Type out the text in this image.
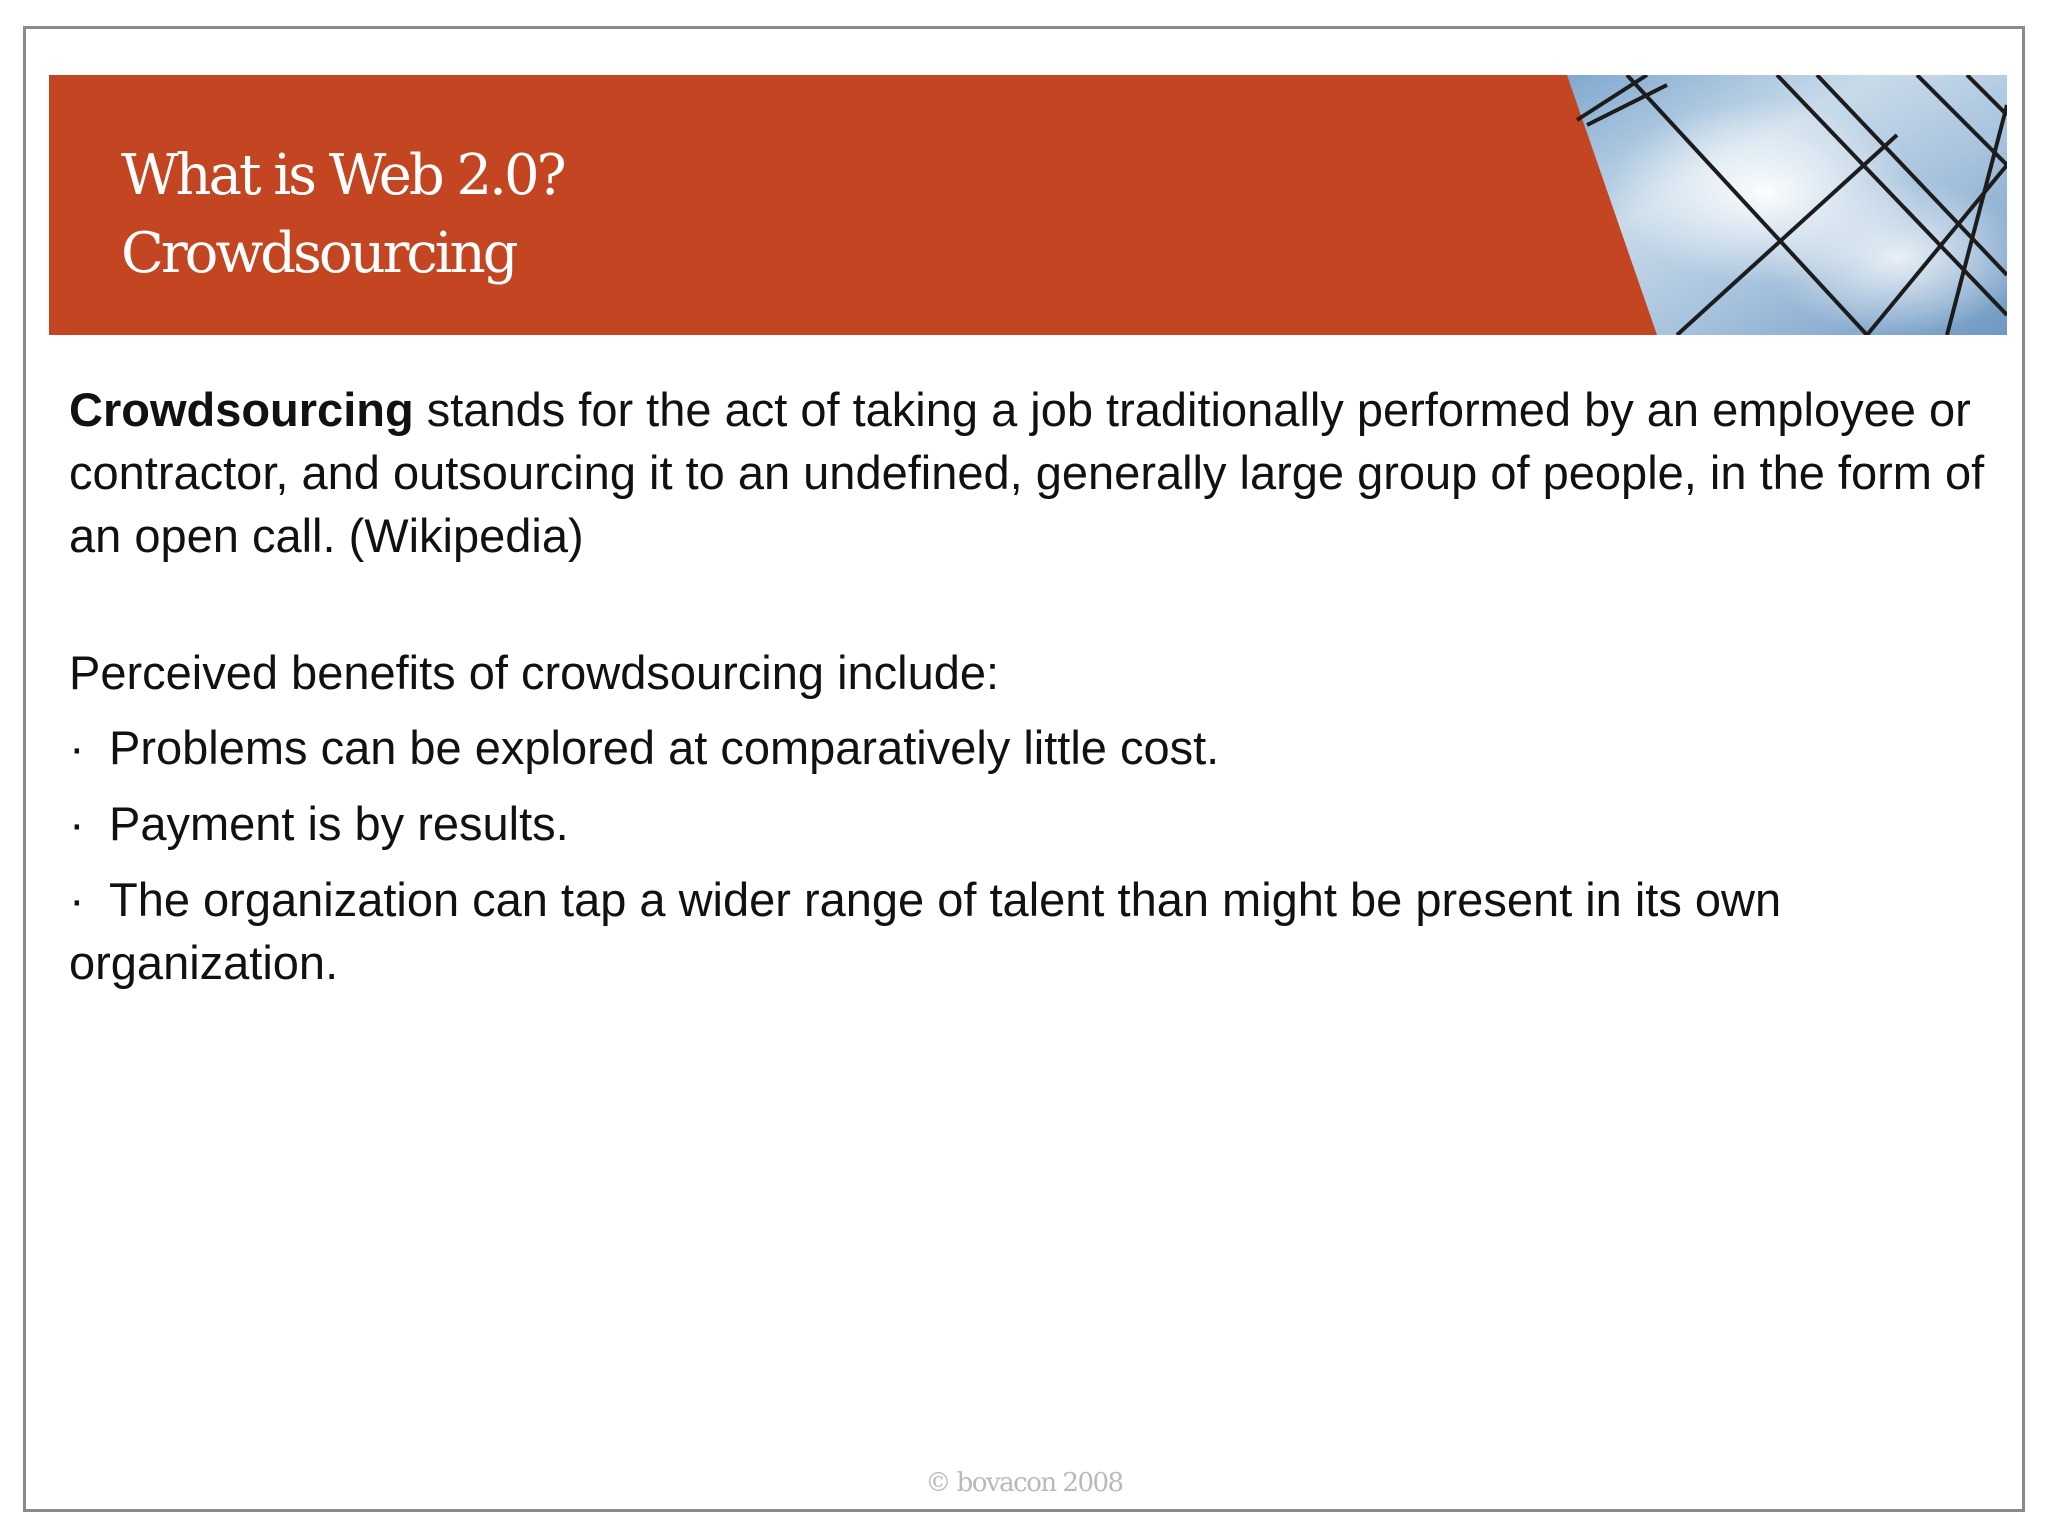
What is Web 2.0?
Crowdsourcing

Crowdsourcing stands for the act of taking a job traditionally performed by an employee or contractor, and outsourcing it to an undefined, generally large group of people, in the form of an open call. (Wikipedia)

Perceived benefits of crowdsourcing include:

· Problems can be explored at comparatively little cost.
· Payment is by results.
· The organization can tap a wider range of talent than might be present in its own organization.
© bovacon 2008
